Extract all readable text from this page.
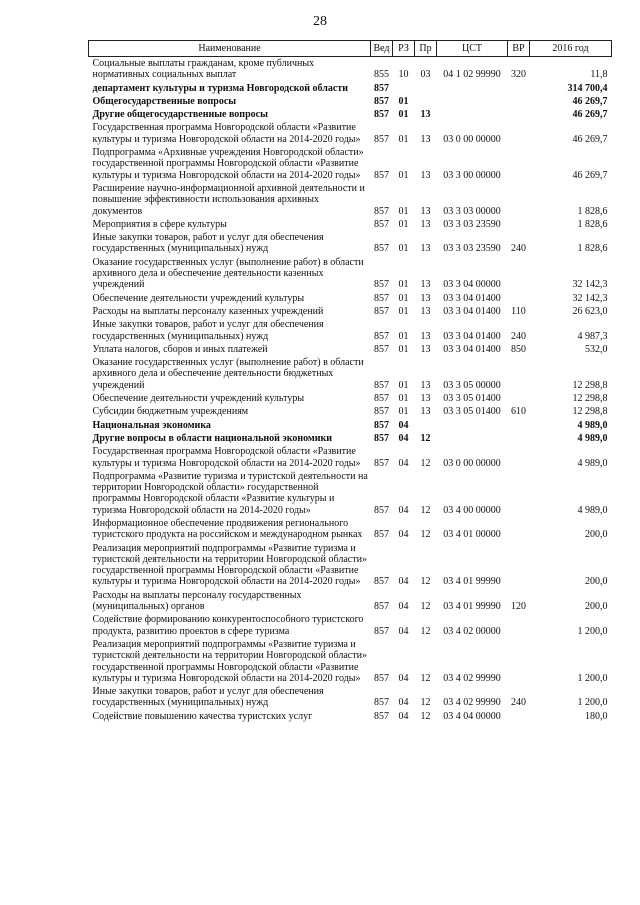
28
Наименование	Вед	РЗ	Пр	ЦСТ	ВР	2016 год
Социальные выплаты гражданам, кроме публичных нормативных социальных выплат	855	10	03	04 1 02 99990	320	11,8
департамент культуры и туризма Новгородской области	857					314 700,4
Общегосударственные вопросы	857	01				46 269,7
Другие общегосударственные вопросы	857	01	13			46 269,7
Государственная программа Новгородской области «Развитие культуры и туризма Новгородской области на 2014-2020 годы»	857	01	13	03 0 00 00000		46 269,7
Подпрограмма «Архивные учреждения Новгородской области» государственной программы Новгородской области «Развитие культуры и туризма Новгородской области на 2014-2020 годы»	857	01	13	03 3 00 00000		46 269,7
Расширение научно-информационной архивной деятельности и повышение эффективности использования архивных документов	857	01	13	03 3 03 00000		1 828,6
Мероприятия в сфере культуры	857	01	13	03 3 03 23590		1 828,6
Иные закупки товаров, работ и услуг для обеспечения государственных (муниципальных) нужд	857	01	13	03 3 03 23590	240	1 828,6
Оказание государственных услуг (выполнение работ) в области архивного дела и обеспечение деятельности казенных учреждений	857	01	13	03 3 04 00000		32 142,3
Обеспечение деятельности учреждений культуры	857	01	13	03 3 04 01400		32 142,3
Расходы на выплаты персоналу казенных учреждений	857	01	13	03 3 04 01400	110	26 623,0
Иные закупки товаров, работ и услуг для обеспечения государственных (муниципальных) нужд	857	01	13	03 3 04 01400	240	4 987,3
Уплата налогов, сборов и иных платежей	857	01	13	03 3 04 01400	850	532,0
Оказание государственных услуг (выполнение работ) в области архивного дела и обеспечение деятельности бюджетных учреждений	857	01	13	03 3 05 00000		12 298,8
Обеспечение деятельности учреждений культуры	857	01	13	03 3 05 01400		12 298,8
Субсидии бюджетным учреждениям	857	01	13	03 3 05 01400	610	12 298,8
Национальная экономика	857	04				4 989,0
Другие вопросы в области национальной экономики	857	04	12			4 989,0
Государственная программа Новгородской области «Развитие культуры и туризма Новгородской области на 2014-2020 годы»	857	04	12	03 0 00 00000		4 989,0
Подпрограмма «Развитие туризма и туристской деятельности на территории Новгородской области» государственной программы Новгородской области «Развитие культуры и туризма Новгородской области на 2014-2020 годы»	857	04	12	03 4 00 00000		4 989,0
Информационное обеспечение продвижения регионального туристского продукта на российском и международном рынках	857	04	12	03 4 01 00000		200,0
Реализация мероприятий подпрограммы «Развитие туризма и туристской деятельности на территории Новгородской области» государственной программы Новгородской области «Развитие культуры и туризма Новгородской области на 2014-2020 годы»	857	04	12	03 4 01 99990		200,0
Расходы на выплаты персоналу государственных (муниципальных) органов	857	04	12	03 4 01 99990	120	200,0
Содействие формированию конкурентоспособного туристского продукта, развитию проектов в сфере туризма	857	04	12	03 4 02 00000		1 200,0
Реализация мероприятий подпрограммы «Развитие туризма и туристской деятельности на территории Новгородской области» государственной программы Новгородской области «Развитие культуры и туризма Новгородской области на 2014-2020 годы»	857	04	12	03 4 02 99990		1 200,0
Иные закупки товаров, работ и услуг для обеспечения государственных (муниципальных) нужд	857	04	12	03 4 02 99990	240	1 200,0
Содействие повышению качества туристских услуг	857	04	12	03 4 04 00000		180,0
